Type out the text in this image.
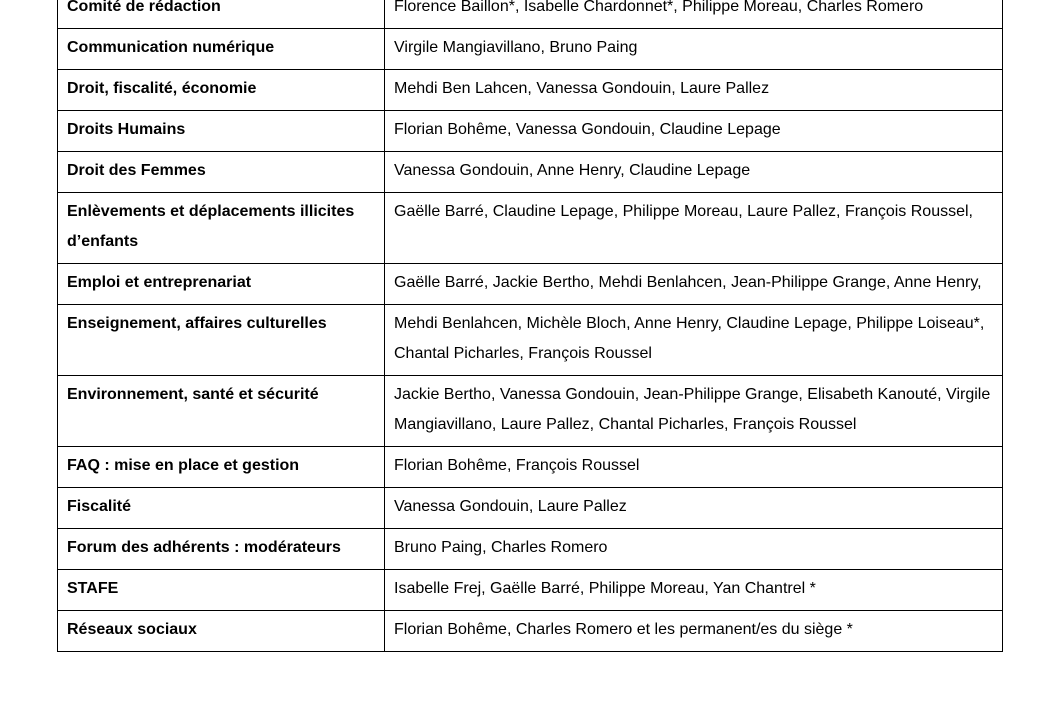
Comité de rédaction	Florence Baillon*, Isabelle Chardonnet*, Philippe Moreau, Charles Romero
Communication numérique	Virgile Mangiavillano, Bruno Paing
Droit, fiscalité, économie	Mehdi Ben Lahcen, Vanessa Gondouin, Laure Pallez
Droits Humains	Florian Bohême, Vanessa Gondouin, Claudine Lepage
Droit des Femmes	Vanessa Gondouin, Anne Henry, Claudine Lepage
Enlèvements et déplacements illicites d’enfants	Gaëlle Barré, Claudine Lepage, Philippe Moreau, Laure Pallez, François Roussel,
Emploi et entreprenariat	Gaëlle Barré, Jackie Bertho, Mehdi Benlahcen, Jean-Philippe Grange, Anne Henry,
Enseignement, affaires culturelles	Mehdi Benlahcen, Michèle Bloch, Anne Henry, Claudine Lepage, Philippe Loiseau*, Chantal Picharles, François Roussel
Environnement, santé et sécurité	Jackie Bertho, Vanessa Gondouin, Jean-Philippe Grange, Elisabeth Kanouté, Virgile Mangiavillano, Laure Pallez, Chantal Picharles, François Roussel
FAQ : mise en place et gestion	Florian Bohême, François Roussel
Fiscalité	Vanessa Gondouin, Laure Pallez
Forum des adhérents : modérateurs	Bruno Paing, Charles Romero
STAFE	Isabelle Frej, Gaëlle Barré, Philippe Moreau, Yan Chantrel *
Réseaux sociaux	Florian Bohême, Charles Romero et les permanent/es du siège *
